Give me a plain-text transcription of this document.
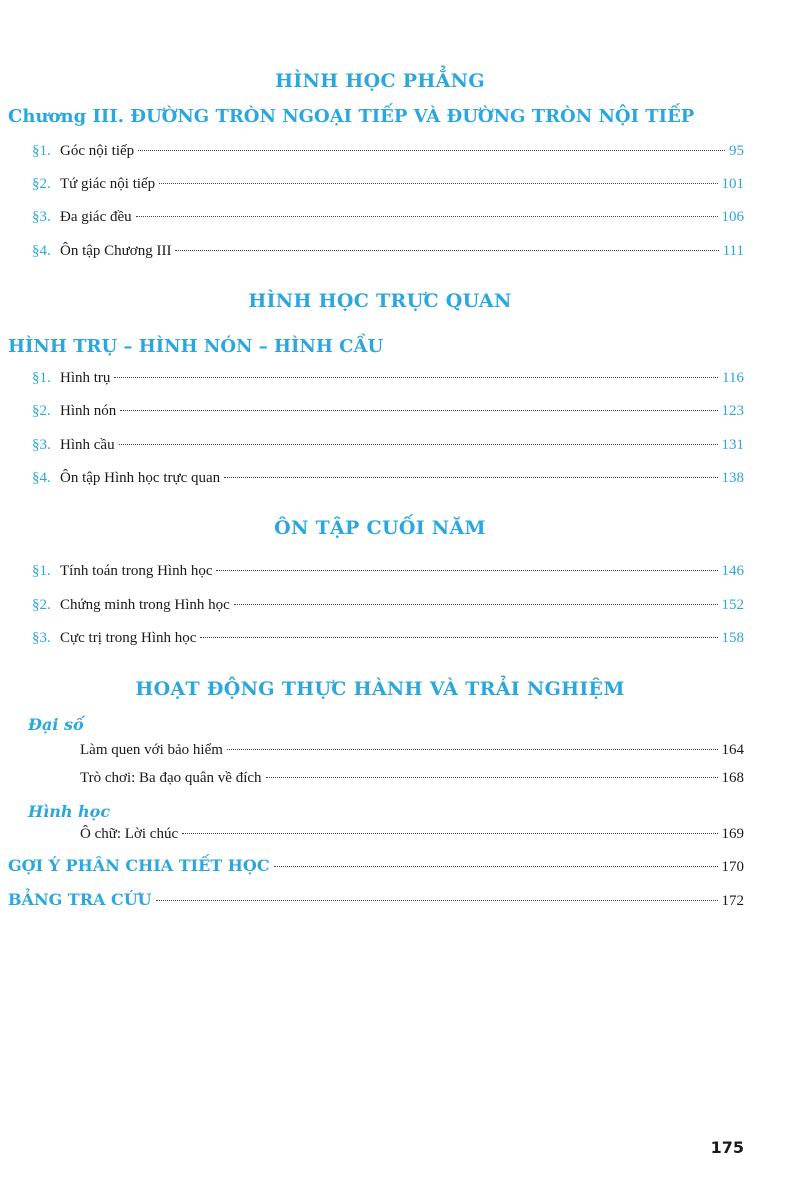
HÌNH HỌC PHẲNG
Chương III. ĐƯỜNG TRÒN NGOẠI TIẾP VÀ ĐƯỜNG TRÒN NỘI TIẾP
§1. Góc nội tiếp	95
§2. Tứ giác nội tiếp	101
§3. Đa giác đều	106
§4. Ôn tập Chương III	111
HÌNH HỌC TRỰC QUAN
HÌNH TRỤ – HÌNH NÓN – HÌNH CẦU
§1. Hình trụ	116
§2. Hình nón	123
§3. Hình cầu	131
§4. Ôn tập Hình học trực quan	138
ÔN TẬP CUỐI NĂM
§1. Tính toán trong Hình học	146
§2. Chứng minh trong Hình học	152
§3. Cực trị trong Hình học	158
HOẠT ĐỘNG THỰC HÀNH VÀ TRẢI NGHIỆM
Đại số
Làm quen với bảo hiểm	164
Trò chơi: Ba đạo quân về đích	168
Hình học
Ô chữ: Lời chúc	169
GỢI Ý PHÂN CHIA TIẾT HỌC	170
BẢNG TRA CỨU	172
175
